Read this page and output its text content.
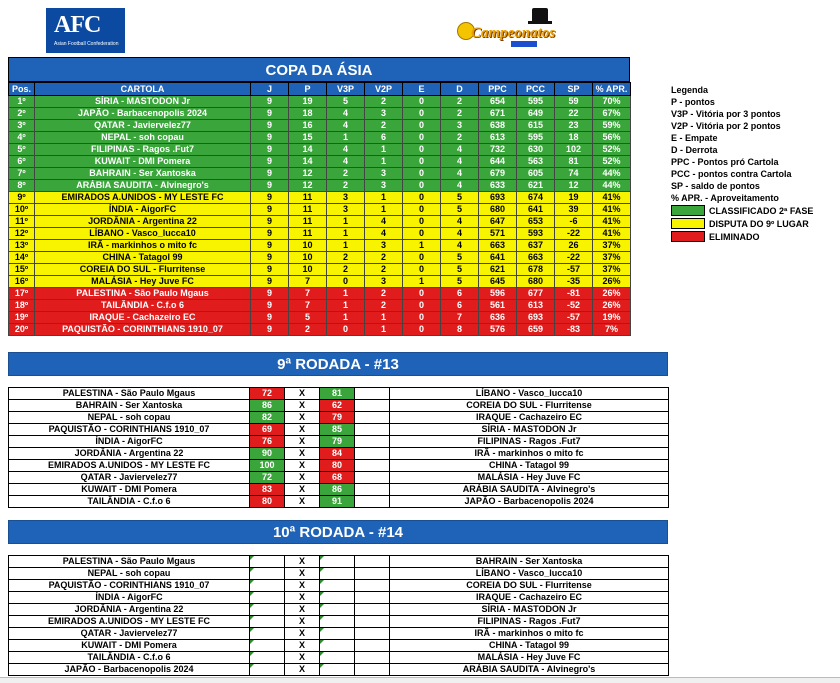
AFC
Asian Football Confederation
Campeonatos
COPA DA ÁSIA
Pos.	CARTOLA	J	P	V3P	V2P	E	D	PPC	PCC	SP	% APR.
1º	SÍRIA - MASTODON Jr	9	19	5	2	0	2	654	595	59	70%
2º	JAPÃO - Barbacenopolis 2024	9	18	4	3	0	2	671	649	22	67%
3º	QATAR - Javiervelez77	9	16	4	2	0	3	638	615	23	59%
4º	NEPAL - soh copau	9	15	1	6	0	2	613	595	18	56%
5º	FILIPINAS - Ragos .Fut7	9	14	4	1	0	4	732	630	102	52%
6º	KUWAIT - DMI Pomera	9	14	4	1	0	4	644	563	81	52%
7º	BAHRAIN - Ser Xantoska	9	12	2	3	0	4	679	605	74	44%
8º	ARÁBIA SAUDITA - Alvinegro's	9	12	2	3	0	4	633	621	12	44%
9º	EMIRADOS A.UNIDOS - MY LESTE FC	9	11	3	1	0	5	693	674	19	41%
10º	ÍNDIA - AigorFC	9	11	3	1	0	5	680	641	39	41%
11º	JORDÂNIA - Argentina 22	9	11	1	4	0	4	647	653	-6	41%
12º	LÍBANO - Vasco_lucca10	9	11	1	4	0	4	571	593	-22	41%
13º	IRÃ - markinhos o mito fc	9	10	1	3	1	4	663	637	26	37%
14º	CHINA - Tatagol 99	9	10	2	2	0	5	641	663	-22	37%
15º	COREIA DO SUL - Flurritense	9	10	2	2	0	5	621	678	-57	37%
16º	MALÁSIA - Hey Juve FC	9	7	0	3	1	5	645	680	-35	26%
17º	PALESTINA - São Paulo Mgaus	9	7	1	2	0	6	596	677	-81	26%
18º	TAILÂNDIA - C.f.o 6	9	7	1	2	0	6	561	613	-52	26%
19º	IRAQUE - Cachazeiro EC	9	5	1	1	0	7	636	693	-57	19%
20º	PAQUISTÃO - CORINTHIANS 1910_07	9	2	0	1	0	8	576	659	-83	7%
Legenda
P - pontos
V3P - Vitória por 3 pontos
V2P - Vitória por 2 pontos
E - Empate
D - Derrota
PPC - Pontos pró Cartola
PCC - pontos contra Cartola
SP - saldo de pontos
% APR. - Aproveitamento
CLASSIFICADO 2ª FASE
DISPUTA DO 9º LUGAR
ELIMINADO
9ª RODADA - #13
PALESTINA - São Paulo Mgaus	72	X	81		LÍBANO - Vasco_lucca10
BAHRAIN - Ser Xantoska	86	X	62		COREIA DO SUL - Flurritense
NEPAL - soh copau	82	X	79		IRAQUE - Cachazeiro EC
PAQUISTÃO - CORINTHIANS 1910_07	69	X	85		SÍRIA - MASTODON Jr
ÍNDIA - AigorFC	76	X	79		FILIPINAS - Ragos .Fut7
JORDÂNIA - Argentina 22	90	X	84		IRÃ - markinhos o mito fc
EMIRADOS A.UNIDOS - MY LESTE FC	100	X	80		CHINA - Tatagol 99
QATAR - Javiervelez77	72	X	68		MALÁSIA - Hey Juve FC
KUWAIT - DMI Pomera	83	X	86		ARÁBIA SAUDITA - Alvinegro's
TAILÂNDIA - C.f.o 6	80	X	91		JAPÃO - Barbacenopolis 2024
10ª RODADA - #14
PALESTINA - São Paulo Mgaus		X			BAHRAIN - Ser Xantoska
NEPAL - soh copau		X			LÍBANO - Vasco_lucca10
PAQUISTÃO - CORINTHIANS 1910_07		X			COREIA DO SUL - Flurritense
ÍNDIA - AigorFC		X			IRAQUE - Cachazeiro EC
JORDÂNIA - Argentina 22		X			SÍRIA - MASTODON Jr
EMIRADOS A.UNIDOS - MY LESTE FC		X			FILIPINAS - Ragos .Fut7
QATAR - Javiervelez77		X			IRÃ - markinhos o mito fc
KUWAIT - DMI Pomera		X			CHINA - Tatagol 99
TAILÂNDIA - C.f.o 6		X			MALÁSIA - Hey Juve FC
JAPÃO - Barbacenopolis 2024		X			ARÁBIA SAUDITA - Alvinegro's
